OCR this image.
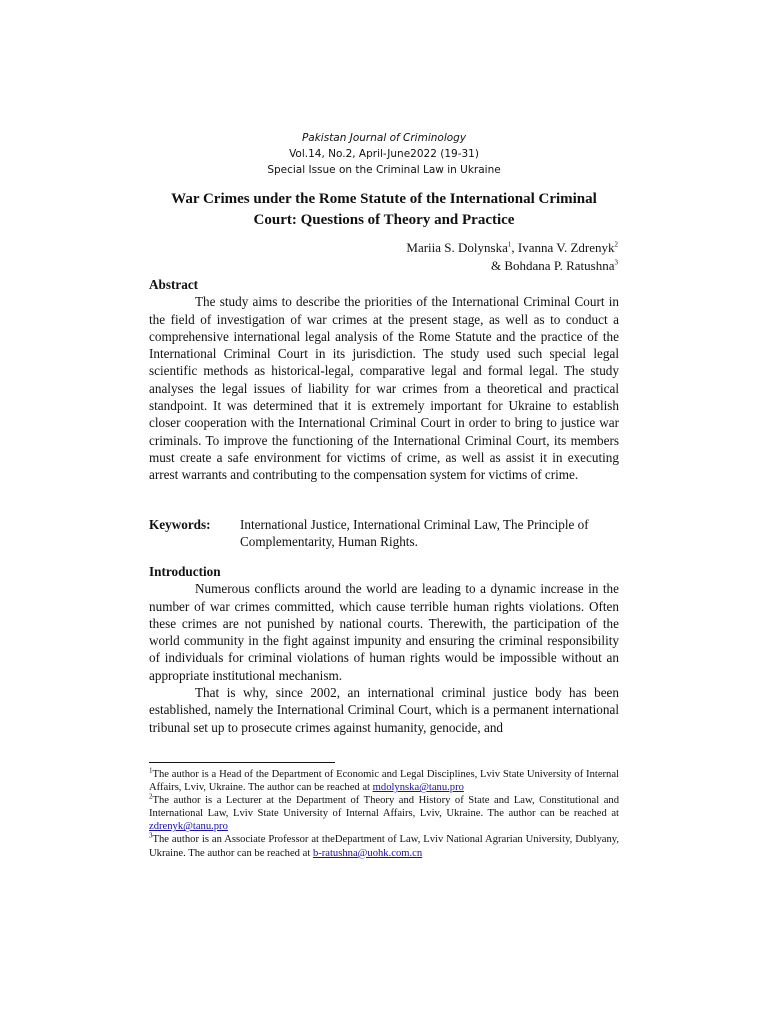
Pakistan Journal of Criminology
Vol.14, No.2, April-June2022 (19-31)
Special Issue on the Criminal Law in Ukraine
War Crimes under the Rome Statute of the International Criminal
Court: Questions of Theory and Practice
Mariia S. Dolynska$^1$, Ivanna V. Zdrenyk$^2$
& Bohdana P. Ratushna$^3$
Abstract

The study aims to describe the priorities of the International Criminal Court in the field of investigation of war crimes at the present stage, as well as to conduct a comprehensive international legal analysis of the Rome Statute and the practice of the International Criminal Court in its jurisdiction. The study used such special legal scientific methods as historical-legal, comparative legal and formal legal. The study analyses the legal issues of liability for war crimes from a theoretical and practical standpoint. It was determined that it is extremely important for Ukraine to establish closer cooperation with the International Criminal Court in order to bring to justice war criminals. To improve the functioning of the International Criminal Court, its members must create a safe environment for victims of crime, as well as assist it in executing arrest warrants and contributing to the compensation system for victims of crime.

Keywords:	International Justice, International Criminal Law, The Principle of Complementarity, Human Rights.
Introduction

Numerous conflicts around the world are leading to a dynamic increase in the number of war crimes committed, which cause terrible human rights violations. Often these crimes are not punished by national courts. Therewith, the participation of the world community in the fight against impunity and ensuring the criminal responsibility of individuals for criminal violations of human rights would be impossible without an appropriate institutional mechanism.

That is why, since 2002, an international criminal justice body has been established, namely the International Criminal Court, which is a permanent international tribunal set up to prosecute crimes against humanity, genocide, and

$^1$The author is a Head of the Department of Economic and Legal Disciplines, Lviv State University of Internal Affairs, Lviv, Ukraine. The author can be reached at mdolynska@tanu.pro
$^2$The author is a Lecturer at the Department of Theory and History of State and Law, Constitutional and International Law, Lviv State University of Internal Affairs, Lviv, Ukraine. The author can be reached at zdrenyk@tanu.pro
$^3$The author is an Associate Professor at theDepartment of Law, Lviv National Agrarian University, Dublyany, Ukraine. The author can be reached at b-ratushna@uohk.com.cn
